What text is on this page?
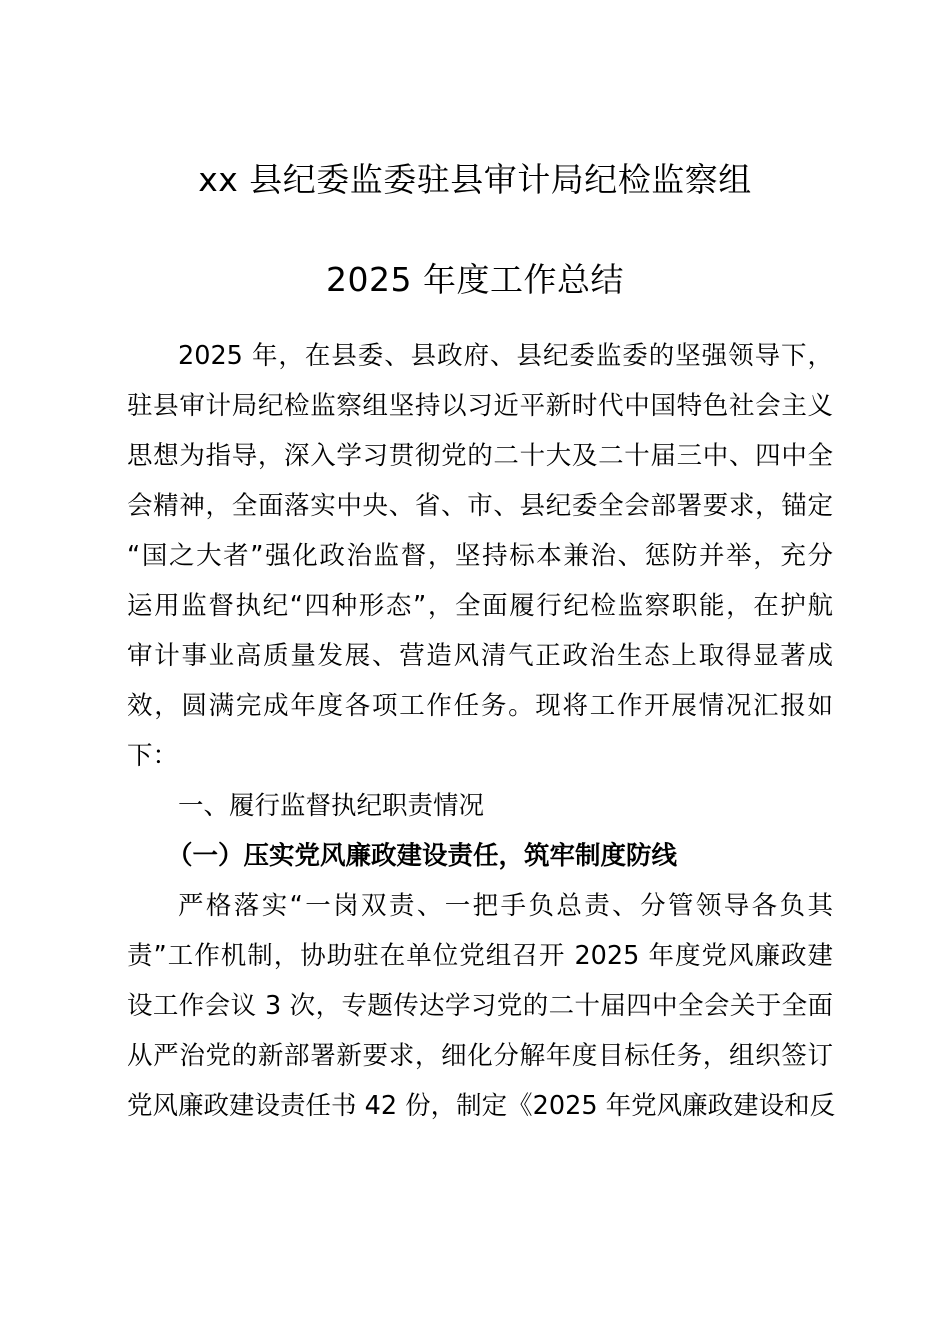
xx 县纪委监委驻县审计局纪检监察组
2025 年度工作总结
2025 年，在县委、县政府、县纪委监委的坚强领导下，
驻县审计局纪检监察组坚持以习近平新时代中国特色社会主义
思想为指导，深入学习贯彻党的二十大及二十届三中、四中全
会精神，全面落实中央、省、市、县纪委全会部署要求，锚定
“国之大者”强化政治监督，坚持标本兼治、惩防并举，充分
运用监督执纪“四种形态”，全面履行纪检监察职能，在护航
审计事业高质量发展、营造风清气正政治生态上取得显著成
效，圆满完成年度各项工作任务。现将工作开展情况汇报如
下：
一、履行监督执纪职责情况
（一）压实党风廉政建设责任，筑牢制度防线
严格落实“一岗双责、一把手负总责、分管领导各负其
责”工作机制，协助驻在单位党组召开 2025 年度党风廉政建
设工作会议 3 次，专题传达学习党的二十届四中全会关于全面
从严治党的新部署新要求，细化分解年度目标任务，组织签订
党风廉政建设责任书 42 份，制定《2025 年党风廉政建设和反
